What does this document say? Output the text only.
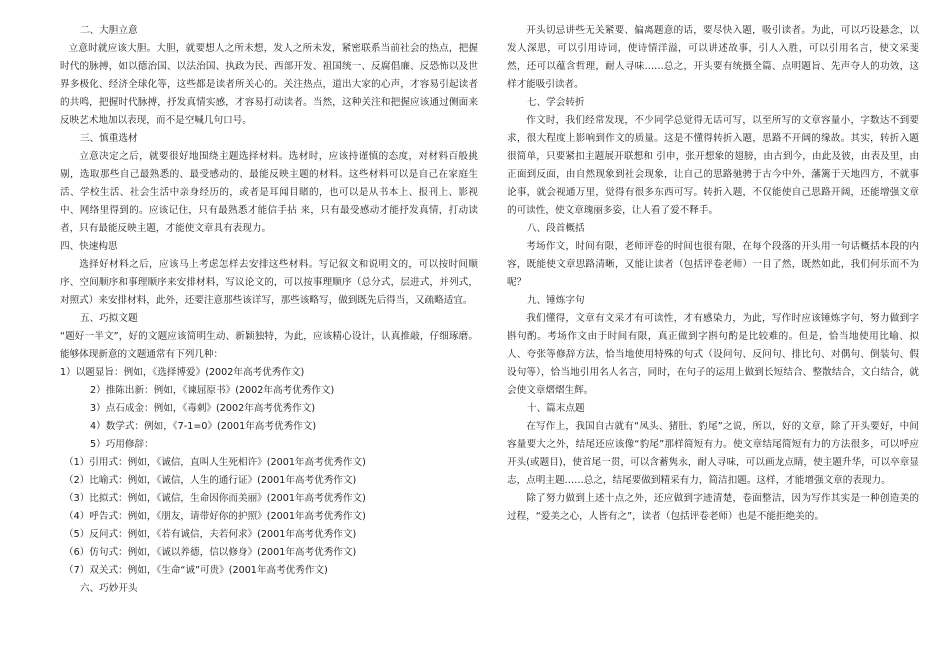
二、大胆立意

立意时就应该大胆。大胆，就要想人之所未想，发人之所未发，紧密联系当前社会的热点，把握时代的脉搏，如以德治国、以法治国、执政为民、西部开发、祖国统一、反腐倡廉、反恐怖以及世界多极化、经济全球化等，这些都是读者所关心的。关注热点，道出大家的心声，才容易引起读者的共鸣，把握时代脉搏，抒发真情实感，才容易打动读者。当然，这种关注和把握应该通过侧面来反映艺术地加以表现，而不是空喊几句口号。

三、慎重选材

立意决定之后，就要很好地围绕主题选择材料。选材时，应该持谨慎的态度，对材料百般挑剔，选取那些自己最熟悉的、最受感动的、最能反映主题的材料。这些材料可以是自己在家庭生活、学校生活、社会生活中亲身经历的，或者是耳闻目睹的，也可以是从书本上、报刊上、影视中、网络里得到的。应该记住，只有最熟悉才能信手拈 来，只有最受感动才能抒发真情，打动读者，只有最能反映主题，才能使文章具有表现力。

四、快速构思

选择好材料之后，应该马上考虑怎样去安排这些材料。写记叙文和说明文的，可以按时间顺序、空间顺序和事理顺序来安排材料，写议论文的，可以按事理顺序（总分式，层进式，并列式，对照式）来安排材料，此外，还要注意那些该详写，那些该略写，做到既先后得当，又疏略适宜。

五、巧拟文题

“题好一半文”，好的文题应该简明生动、新颖独特，为此，应该精心设计，认真推敲，仔细琢磨。能够体现新意的文题通常有下列几种：

1）以题显旨：例如，《选择博爱》(2002年高考优秀作文)
2）推陈出新：例如，《谏屈原书》(2002年高考优秀作文)
3）点石成金：例如，《毒刺》(2002年高考优秀作文)
4）数学式：例如，《7-1=0》(2001年高考优秀作文)
5）巧用修辞：
（1）引用式：例如，《诚信，直叫人生死相许》(2001年高考优秀作文)
（2）比喻式：例如，《诚信，人生的通行证》(2001年高考优秀作文)
（3）比拟式：例如，《诚信，生命因你而美丽》(2001年高考优秀作文)
（4）呼告式：例如，《朋友，请带好你的护照》(2001年高考优秀作文)
（5）反问式：例如，《若有诚信，夫若何求》(2001年高考优秀作文)
（6）仿句式：例如，《诚以养德，信以修身》(2001年高考优秀作文)
（7）双关式：例如，《生命“诚”可贵》(2001年高考优秀作文)
六、巧妙开头

开头切忌讲些无关紧要、偏离题意的话，要尽快入题，吸引读者。为此，可以巧设悬念，以发人深思，可以引用诗词，使诗情洋溢，可以讲述故事，引人入胜，可以引用名言，使文采斐然，还可以蕴含哲理，耐人寻味……总之，开头要有统摄全篇、点明题旨、先声夺人的功效，这样才能吸引读者。

七、学会转折

作文时，我们经常发现，不少同学总觉得无话可写，以至所写的文章容量小，字数达不到要求，很大程度上影响到作文的质量。这是不懂得转折入题，思路不开阔的缘故。其实，转折入题很简单，只要紧扣主题展开联想和 引申，张开想象的翅膀，由古到今，由此及彼，由表及里，由正面到反面，由自然现象到社会现象，让自己的思路驰骋于古今中外，藩篱于天地四方，不就事论事，就会视通万里，觉得有很多东西可写。转折入题，不仅能使自己思路开阔，还能增强文章的可读性，使文章瑰丽多姿，让人看了爱不释手。

八、段首概括

考场作文，时间有限，老师评卷的时间也很有限，在每个段落的开头用一句话概括本段的内容，既能使文章思路清晰，又能让读者（包括评卷老师）一目了然，既然如此，我们何乐而不为呢？

九、锤炼字句

我们懂得，文章有文采才有可读性，才有感染力，为此，写作时应该锤炼字句，努力做到字斟句酌。考场作文由于时间有限，真正做到字斟句酌是比较难的。但是，恰当地使用比喻、拟人、夸张等修辞方法，恰当地使用特殊的句式（设问句、反问句、排比句、对偶句、倒装句、假设句等），恰当地引用名人名言，同时，在句子的运用上做到长短结合、整散结合，文白结合，就会使文章熠熠生辉。

十、篇末点题

在写作上，我国自古就有“凤头、猪肚、豹尾”之说，所以，好的文章，除了开头要好，中间容量要大之外，结尾还应该像“豹尾”那样简短有力。使文章结尾简短有力的方法很多，可以呼应开头(或题目)，使首尾一贯，可以含蓄隽永，耐人寻味，可以画龙点睛，使主题升华，可以卒章显志，点明主题……总之，结尾要做到精采有力，简洁扣题。这样，才能增强文章的表现力。

除了努力做到上述十点之外，还应做到字迹清楚，卷面整洁，因为写作其实是一种创造美的过程，“爱美之心，人皆有之”，读者（包括评卷老师）也是不能拒绝美的。
